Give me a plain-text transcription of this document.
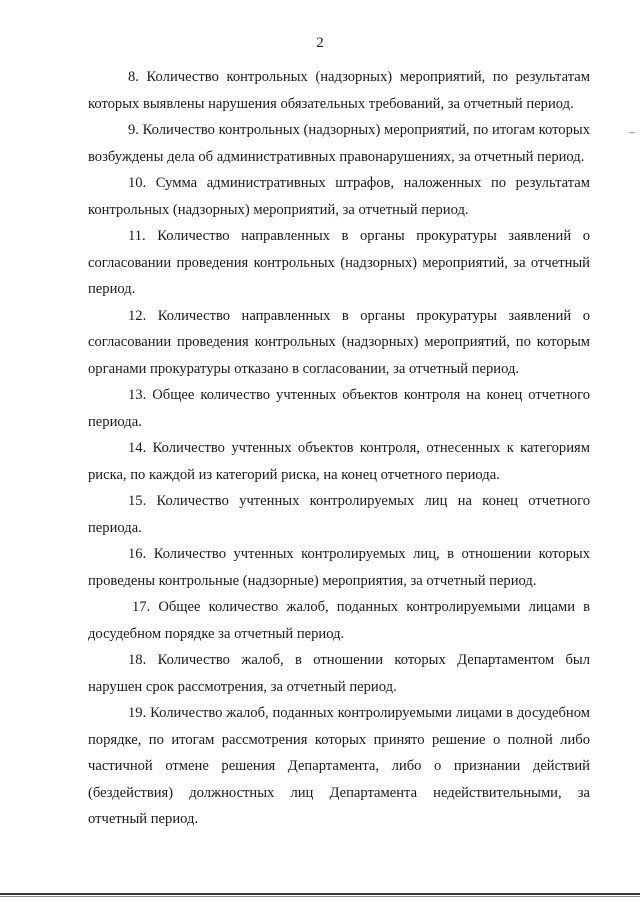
2

8. Количество контрольных (надзорных) мероприятий, по результатам которых выявлены нарушения обязательных требований, за отчетный период.

9. Количество контрольных (надзорных) мероприятий, по итогам которых возбуждены дела об административных правонарушениях, за отчетный период.

10. Сумма административных штрафов, наложенных по результатам контрольных (надзорных) мероприятий, за отчетный период.

11. Количество направленных в органы прокуратуры заявлений о согласовании проведения контрольных (надзорных) мероприятий, за отчетный период.

12. Количество направленных в органы прокуратуры заявлений о согласовании проведения контрольных (надзорных) мероприятий, по которым органами прокуратуры отказано в согласовании, за отчетный период.

13. Общее количество учтенных объектов контроля на конец отчетного периода.

14. Количество учтенных объектов контроля, отнесенных к категориям риска, по каждой из категорий риска, на конец отчетного периода.

15. Количество учтенных контролируемых лиц на конец отчетного периода.

16. Количество учтенных контролируемых лиц, в отношении которых проведены контрольные (надзорные) мероприятия, за отчетный период.

17. Общее количество жалоб, поданных контролируемыми лицами в досудебном порядке за отчетный период.

18. Количество жалоб, в отношении которых Департаментом был нарушен срок рассмотрения, за отчетный период.

19. Количество жалоб, поданных контролируемыми лицами в досудебном порядке, по итогам рассмотрения которых принято решение о полной либо частичной отмене решения Департамента, либо о признании действий (бездействия) должностных лиц Департамента недействительными, за отчетный период.
